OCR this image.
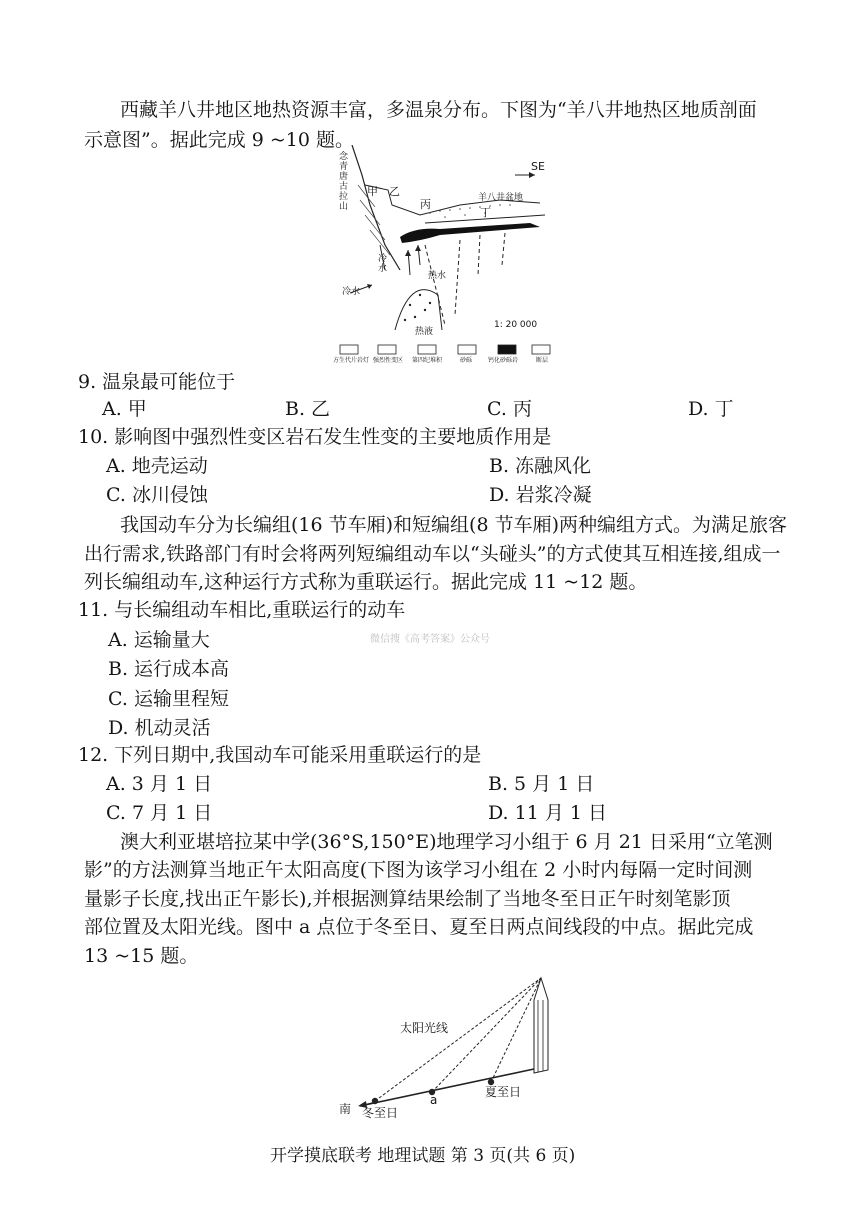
西藏羊八井地区地热资源丰富，多温泉分布。下图为“羊八井地热区地质剖面
示意图”。据此完成 9 ~10 题。
SE
念青唐古拉山
甲 乙
丙
丁
羊八井盆地
冷水
冷水
热水
热液
1: 20 000
方生代片岩灯 强烈性变区 第四纪堆积	砂砾	钙化砂砾岩	断层
9. 温泉最可能位于
A. 甲	B. 乙	C. 丙	D. 丁
10. 影响图中强烈性变区岩石发生性变的主要地质作用是
A. 地壳运动	B. 冻融风化
C. 冰川侵蚀	D. 岩浆冷凝
我国动车分为长编组(16 节车厢)和短编组(8 节车厢)两种编组方式。为满足旅客
出行需求,铁路部门有时会将两列短编组动车以“头碰头”的方式使其互相连接,组成一
列长编组动车,这种运行方式称为重联运行。据此完成 11 ~12 题。
11. 与长编组动车相比,重联运行的动车
微信搜《高考答案》公众号
A. 运输量大
B. 运行成本高
C. 运输里程短
D. 机动灵活
12. 下列日期中,我国动车可能采用重联运行的是
A. 3 月 1 日	B. 5 月 1 日
C. 7 月 1 日	D. 11 月 1 日
澳大利亚堪培拉某中学(36°S,150°E)地理学习小组于 6 月 21 日采用“立笔测
影”的方法测算当地正午太阳高度(下图为该学习小组在 2 小时内每隔一定时间测
量影子长度,找出正午影长),并根据测算结果绘制了当地冬至日正午时刻笔影顶
部位置及太阳光线。图中 a 点位于冬至日、夏至日两点间线段的中点。据此完成
13 ~15 题。
太阳光线
南 冬至日
a
夏至日
开学摸底联考 地理试题 第 3 页(共 6 页)
